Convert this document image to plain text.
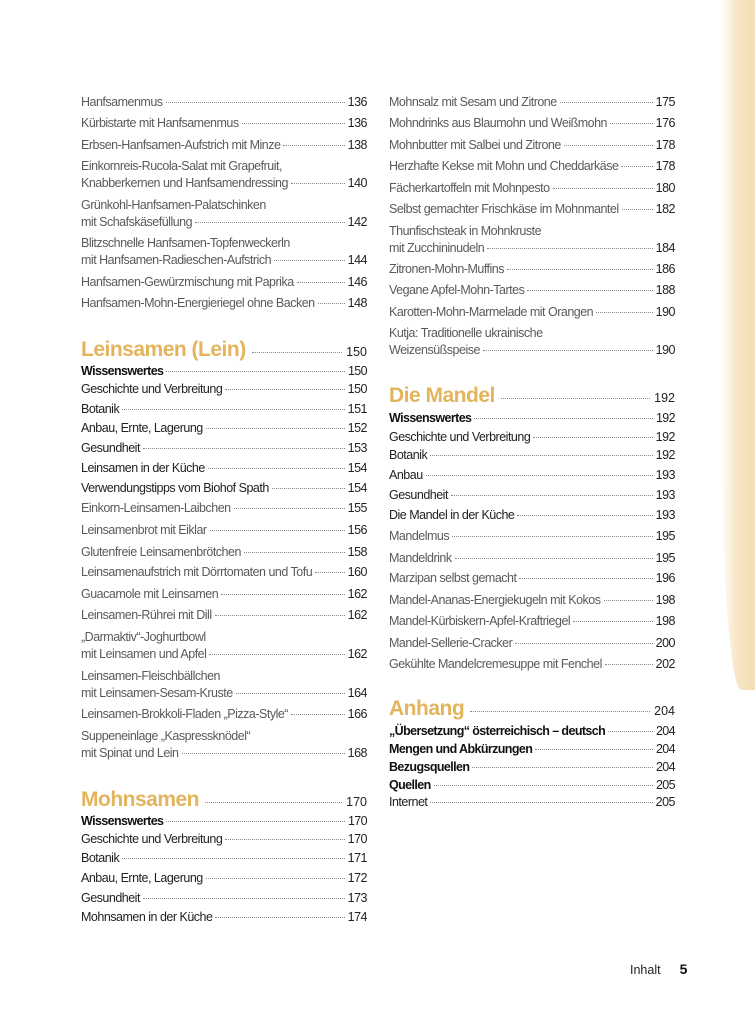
Hanfsamenmus	136
Kürbistarte mit Hanfsamenmus	136
Erbsen-Hanfsamen-Aufstrich mit Minze	138
Einkornreis-Rucola-Salat mit Grapefruit,
Knabberkernen und Hanfsamendressing	140
Grünkohl-Hanfsamen-Palatschinken
mit Schafskäsefüllung	142
Blitzschnelle Hanfsamen-Topfenweckerln
mit Hanfsamen-Radieschen-Aufstrich	144
Hanfsamen-Gewürzmischung mit Paprika	146
Hanfsamen-Mohn-Energieriegel ohne Backen	148
Leinsamen (Lein)	150
Wissenswertes	150
Geschichte und Verbreitung	150
Botanik	151
Anbau, Ernte, Lagerung	152
Gesundheit	153
Leinsamen in der Küche	154
Verwendungstipps vom Biohof Spath	154
Einkorn-Leinsamen-Laibchen	155
Leinsamenbrot mit Eiklar	156
Glutenfreie Leinsamenbrötchen	158
Leinsamenaufstrich mit Dörrtomaten und Tofu	160
Guacamole mit Leinsamen	162
Leinsamen-Rührei mit Dill	162
„Darmaktiv“-Joghurtbowl
mit Leinsamen und Apfel	162
Leinsamen-Fleischbällchen
mit Leinsamen-Sesam-Kruste	164
Leinsamen-Brokkoli-Fladen „Pizza-Style“	166
Suppeneinlage „Kaspressknödel“
mit Spinat und Lein	168
Mohnsamen	170
Wissenswertes	170
Geschichte und Verbreitung	170
Botanik	171
Anbau, Ernte, Lagerung	172
Gesundheit	173
Mohnsamen in der Küche	174
Mohnsalz mit Sesam und Zitrone	175
Mohndrinks aus Blaumohn und Weißmohn	176
Mohnbutter mit Salbei und Zitrone	178
Herzhafte Kekse mit Mohn und Cheddarkäse	178
Fächerkartoffeln mit Mohnpesto	180
Selbst gemachter Frischkäse im Mohnmantel	182
Thunfischsteak in Mohnkruste
mit Zucchininudeln	184
Zitronen-Mohn-Muffins	186
Vegane Apfel-Mohn-Tartes	188
Karotten-Mohn-Marmelade mit Orangen	190
Kutja: Traditionelle ukrainische
Weizensüßspeise	190
Die Mandel	192
Wissenswertes	192
Geschichte und Verbreitung	192
Botanik	192
Anbau	193
Gesundheit	193
Die Mandel in der Küche	193
Mandelmus	195
Mandeldrink	195
Marzipan selbst gemacht	196
Mandel-Ananas-Energiekugeln mit Kokos	198
Mandel-Kürbiskern-Apfel-Kraftriegel	198
Mandel-Sellerie-Cracker	200
Gekühlte Mandelcremesuppe mit Fenchel	202
Anhang	204
„Übersetzung“ österreichisch – deutsch	204
Mengen und Abkürzungen	204
Bezugsquellen	204
Quellen	205
Internet	205
Inhalt 5
